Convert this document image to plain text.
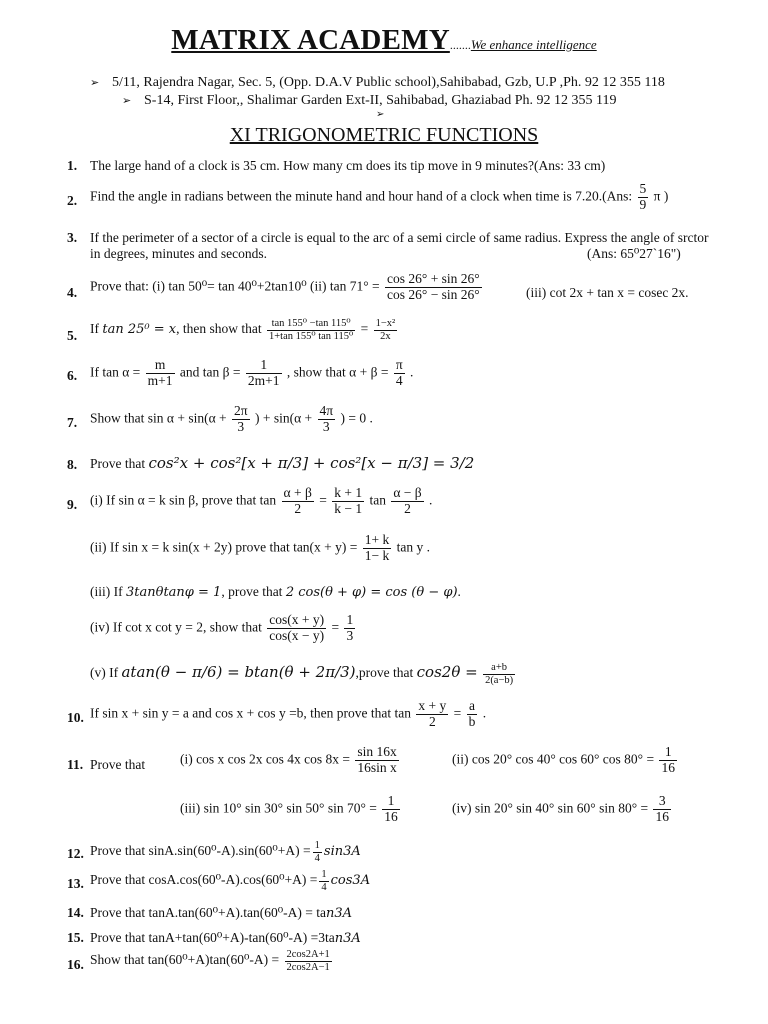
MATRIX ACADEMY.......We enhance intelligence
➢ 5/11, Rajendra Nagar, Sec. 5, (Opp. D.A.V Public school),Sahibabad, Gzb, U.P ,Ph. 92 12 355 118
➢ S-14, First Floor,, Shalimar Garden Ext-II, Sahibabad, Ghaziabad Ph. 92 12 355 119
➢
XI TRIGONOMETRIC FUNCTIONS
1. The large hand of a clock is 35 cm. How many cm does its tip move in 9 minutes?(Ans: 33 cm)
2. Find the angle in radians between the minute hand and hour hand of a clock when time is 7.20.(Ans: $\frac{5}{9}$ π )
3. If the perimeter of a sector of a circle is equal to the arc of a semi circle of same radius. Express the angle of srctor
in degrees, minutes and seconds.	(Ans: 65⁰27`16")
4. Prove that: (i) tan 50⁰= tan 40⁰+2tan10⁰ (ii) $\tan 71^\circ = \frac{\cos 26^\circ + \sin 26^\circ}{\cos 26^\circ - \sin 26^\circ}$	(iii) cot 2x + tan x = cosec 2x.
5. If tan 25⁰ = x, then show that $\frac{\text{tan 155⁰ −tan 115⁰}}{\text{1+tan 155⁰ tan 115⁰}} = \frac{\text{1−x²}}{2x}$
6. If $\tan \alpha = \frac{m}{m+1}$ and $\tan \beta = \frac{1}{2m+1}$ , show that $\alpha + \beta = \frac{\pi}{4}$ .
7. Show that $\sin \alpha + \sin(\alpha + \frac{2\pi}{3}$ ) + $\sin(\alpha + \frac{4\pi}{3}$ ) = 0 .
8. Prove that cos²x + cos²[x + π/3] + cos²[x − π/3] = 3/2
9. (i) If sin α = k sin β, prove that $\tan \frac{\alpha + \beta}{2} = \frac{k + 1}{k - 1}$ $\tan \frac{\alpha - \beta}{2}$ .
(ii) If sin x = k sin(x + 2y) prove that $\tan(x + y) = \frac{1+ k}{1- k}$ tan y .
(iii) If 3tanθtanφ = 1, prove that 2 cos(θ + φ) = cos (θ − φ).
(iv) If cot x cot y = 2, show that $\frac{\cos(x + y)}{\cos(x - y)} = \frac{1}{3}$
(v) If atan(θ − π/6) = btan(θ + 2π/3),prove that $\cos 2\theta = \frac{a+b}{2(a-b)}$
10. If sin x + sin y = a and cos x + cos y =b, then prove that $\tan \frac{x + y}{2} = \frac{a}{b}$ .
11. Prove that	(i) cos x cos 2x cos 4x $\cos 8x = \frac{\sin 16x}{\text{16sin x}}$	(ii) cos 20° cos 40° cos 60° $\cos 80^\circ = \frac{1}{16}$
(iii) sin 10° sin 30° sin 50° $\sin 70^\circ = \frac{1}{16}$	(iv) sin 20° sin 40° sin 60° $\sin 80^\circ = \frac{3}{16}$
12. Prove that $\sin A.\sin(60^0-A).\sin(60^0+A) = \frac{1}{4} \sin 3A$
13. Prove that $\cos A.\cos(60^0-A).\cos(60^0+A) = \frac{1}{4} \cos 3A$
14. Prove that tanA.tan(60⁰+A).tan(60⁰-A) = tan3A
15. Prove that tanA+tan(60⁰+A)-tan(60⁰-A) =3tan3A
16. Show that $\tan(60^0+A)\tan(60^0-A) = \frac{2\cos 2A+1}{2\cos 2A-1}$
